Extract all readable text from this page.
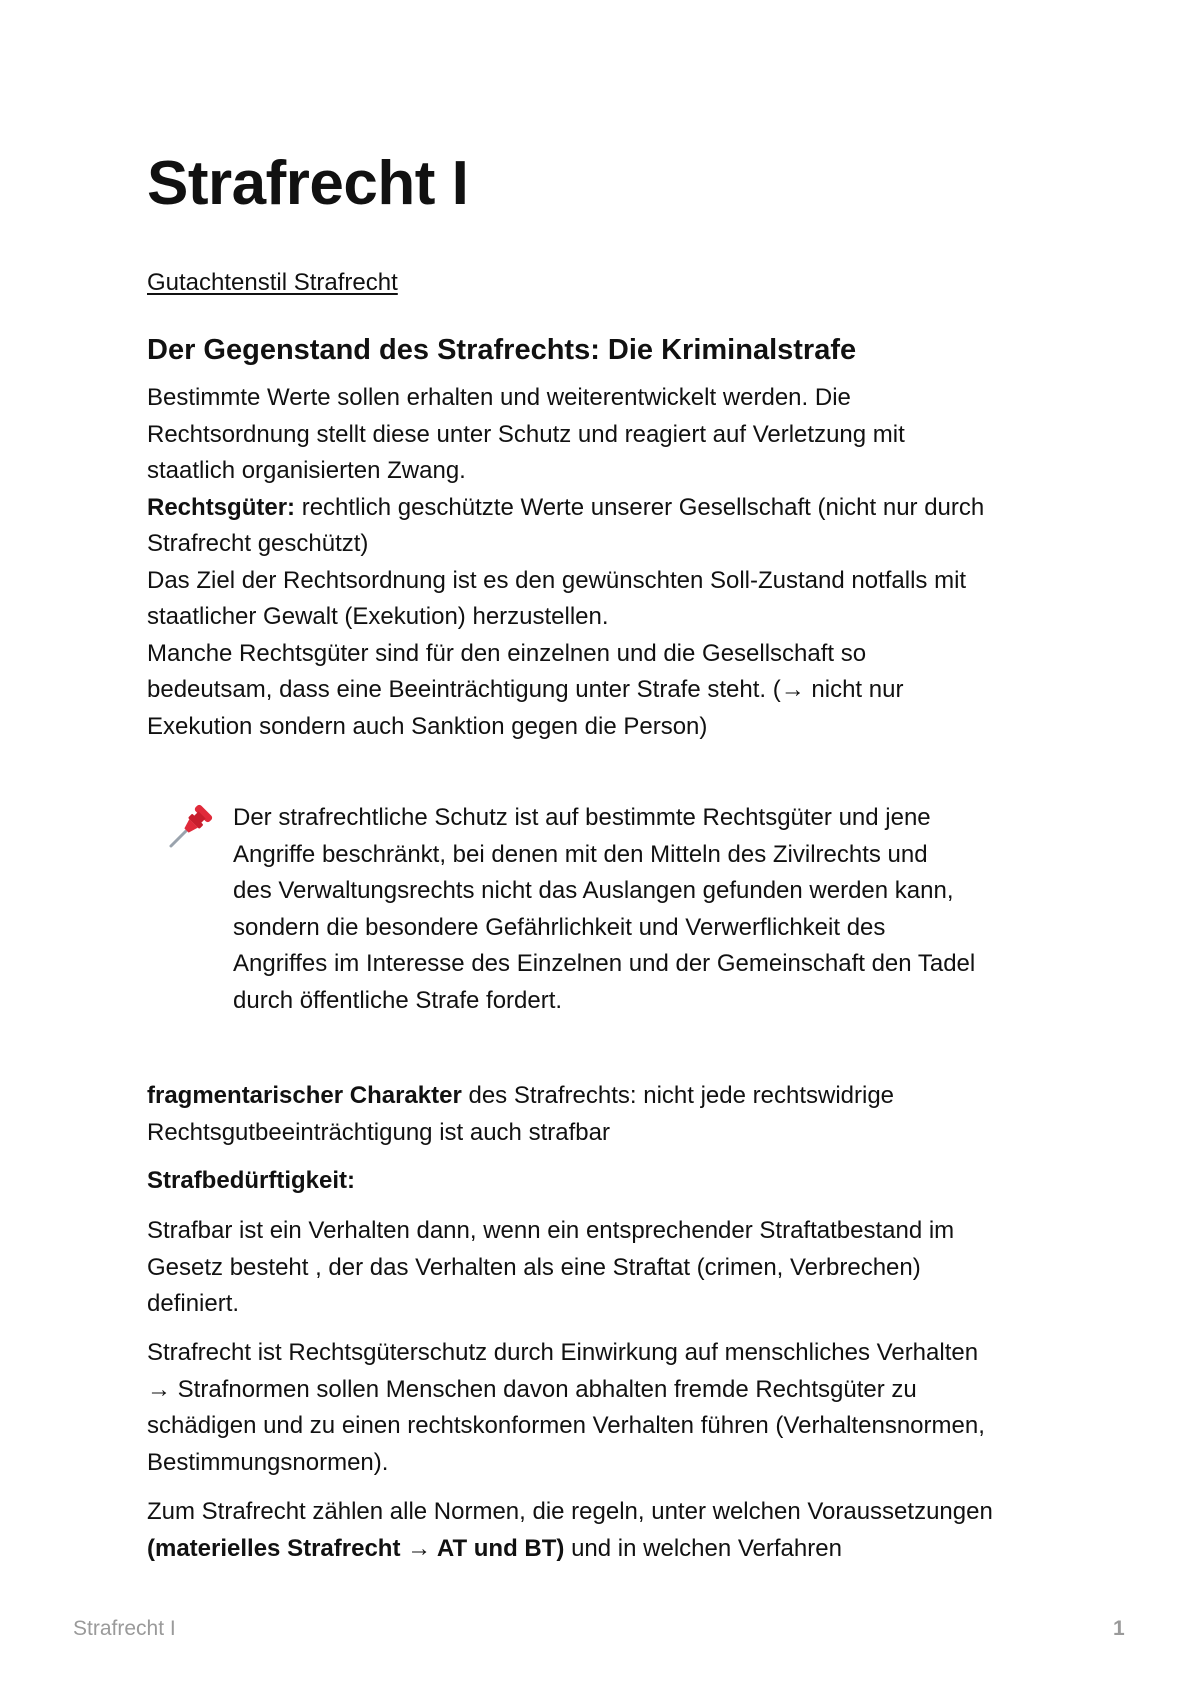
Strafrecht I
Gutachtenstil Strafrecht
Der Gegenstand des Strafrechts: Die Kriminalstrafe
Bestimmte Werte sollen erhalten und weiterentwickelt werden. Die
Rechtsordnung stellt diese unter Schutz und reagiert auf Verletzung mit
staatlich organisierten Zwang.
Rechtsgüter: rechtlich geschützte Werte unserer Gesellschaft (nicht nur durch
Strafrecht geschützt)
Das Ziel der Rechtsordnung ist es den gewünschten Soll-Zustand notfalls mit
staatlicher Gewalt (Exekution) herzustellen.
Manche Rechtsgüter sind für den einzelnen und die Gesellschaft so
bedeutsam, dass eine Beeinträchtigung unter Strafe steht. (→ nicht nur
Exekution sondern auch Sanktion gegen die Person)
Der strafrechtliche Schutz ist auf bestimmte Rechtsgüter und jene
Angriffe beschränkt, bei denen mit den Mitteln des Zivilrechts und
des Verwaltungsrechts nicht das Auslangen gefunden werden kann,
sondern die besondere Gefährlichkeit und Verwerflichkeit des
Angriffes im Interesse des Einzelnen und der Gemeinschaft den Tadel
durch öffentliche Strafe fordert.
fragmentarischer Charakter des Strafrechts: nicht jede rechtswidrige
Rechtsgutbeeinträchtigung ist auch strafbar
Strafbedürftigkeit:
Strafbar ist ein Verhalten dann, wenn ein entsprechender Straftatbestand im
Gesetz besteht , der das Verhalten als eine Straftat (crimen, Verbrechen)
definiert.
Strafrecht ist Rechtsgüterschutz durch Einwirkung auf menschliches Verhalten
→ Strafnormen sollen Menschen davon abhalten fremde Rechtsgüter zu
schädigen und zu einen rechtskonformen Verhalten führen (Verhaltensnormen,
Bestimmungsnormen).
Zum Strafrecht zählen alle Normen, die regeln, unter welchen Voraussetzungen
(materielles Strafrecht → AT und BT) und in welchen Verfahren
Strafrecht I	1
